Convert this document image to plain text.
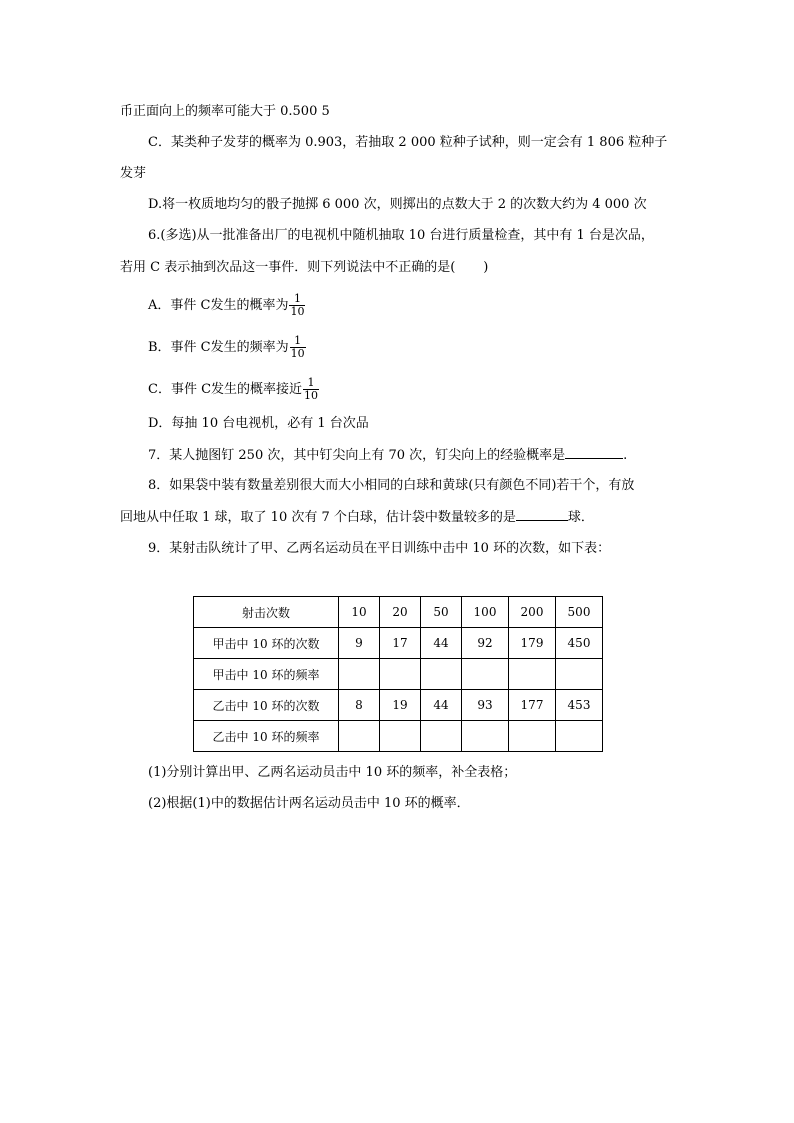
币正面向上的频率可能大于 0.500 5
C．某类种子发芽的概率为 0.903，若抽取 2 000 粒种子试种，则一定会有 1 806 粒种子
发芽
D.将一枚质地均匀的骰子抛掷 6 000 次，则掷出的点数大于 2 的次数大约为 4 000 次
6.(多选)从一批准备出厂的电视机中随机抽取 10 台进行质量检查，其中有 1 台是次品，
若用 C 表示抽到次品这一事件．则下列说法中不正确的是( )
A．事件 C发生的概率为 $\frac{1}{10}$
B．事件 C发生的频率为 $\frac{1}{10}$
C．事件 C发生的概率接近 $\frac{1}{10}$
D．每抽 10 台电视机，必有 1 台次品
7．某人抛图钉 250 次，其中钉尖向上有 70 次，钉尖向上的经验概率是	.
8．如果袋中装有数量差别很大而大小相同的白球和黄球(只有颜色不同)若干个，有放
回地从中任取 1 球，取了 10 次有 7 个白球，估计袋中数量较多的是	球．
9．某射击队统计了甲、乙两名运动员在平日训练中击中 10 环的次数，如下表：
射击次数	10	20	50	100	200	500
甲击中 10 环的次数	9	17	44	92	179	450
甲击中 10 环的频率						
乙击中 10 环的次数	8	19	44	93	177	453
乙击中 10 环的频率						
(1)分别计算出甲、乙两名运动员击中 10 环的频率，补全表格；
(2)根据(1)中的数据估计两名运动员击中 10 环的概率．
